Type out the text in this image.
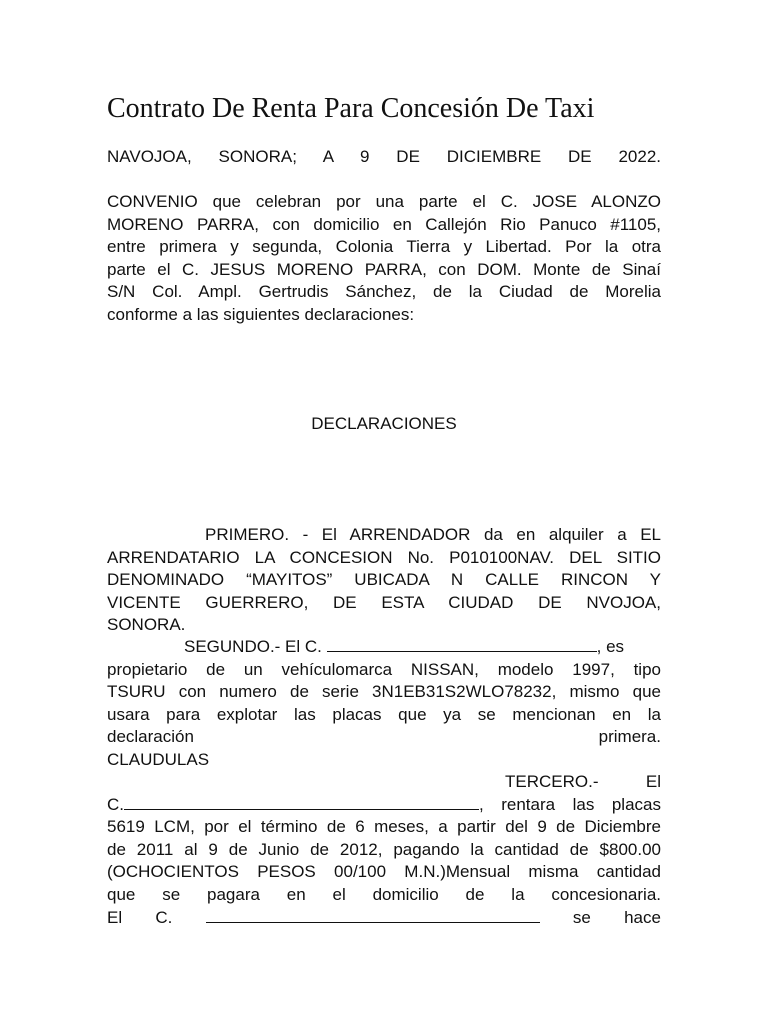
Contrato De Renta Para Concesión De Taxi
NAVOJOA, SONORA; A 9 DE DICIEMBRE DE 2022.
CONVENIO que celebran por una parte el C. JOSE ALONZO
MORENO PARRA, con domicilio en Callejón Rio Panuco #1105,
entre primera y segunda, Colonia Tierra y Libertad. Por la otra
parte el C. JESUS MORENO PARRA, con DOM. Monte de Sinaí
S/N Col. Ampl. Gertrudis Sánchez, de la Ciudad de Morelia
conforme a las siguientes declaraciones:
DECLARACIONES
PRIMERO. - El ARRENDADOR da en alquiler a EL
ARRENDATARIO LA CONCESION No. P010100NAV. DEL SITIO
DENOMINADO “MAYITOS” UBICADA N CALLE RINCON Y
VICENTE GUERRERO, DE ESTA CIUDAD DE NVOJOA,
SONORA.
SEGUNDO.- El C.	, es
propietario de un vehículomarca NISSAN, modelo 1997, tipo
TSURU con numero de serie 3N1EB31S2WLO78232, mismo que
usara para explotar las placas que ya se mencionan en la
declaración	primera.
CLAUDULAS
TERCERO.-	El
C.	, rentara las placas
5619 LCM, por el término de 6 meses, a partir del 9 de Diciembre
de 2011 al 9 de Junio de 2012, pagando la cantidad de $800.00
(OCHOCIENTOS PESOS 00/100 M.N.)Mensual misma cantidad
que se pagara en el domicilio de la concesionaria.
El C.	se hace
